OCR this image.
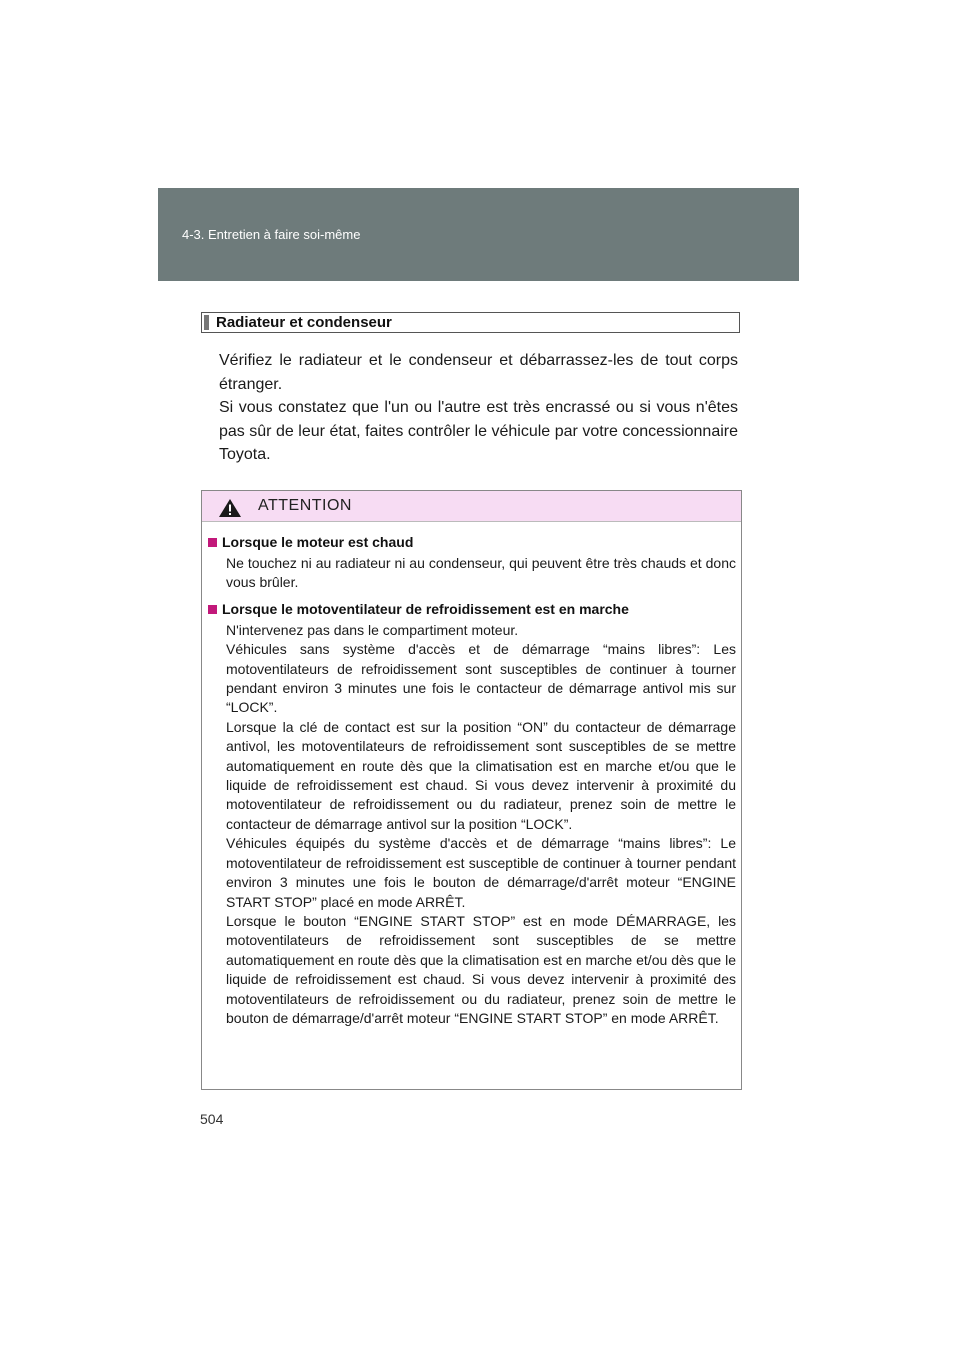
4-3. Entretien à faire soi-même
Radiateur et condenseur

Vérifiez le radiateur et le condenseur et débarrassez-les de tout corps étranger.

Si vous constatez que l'un ou l'autre est très encrassé ou si vous n'êtes pas sûr de leur état, faites contrôler le véhicule par votre concessionnaire Toyota.

ATTENTION
Lorsque le moteur est chaud

Ne touchez ni au radiateur ni au condenseur, qui peuvent être très chauds et donc vous brûler.

Lorsque le motoventilateur de refroidissement est en marche

N'intervenez pas dans le compartiment moteur.

Véhicules sans système d'accès et de démarrage “mains libres”: Les motoventilateurs de refroidissement sont susceptibles de continuer à tourner pendant environ 3 minutes une fois le contacteur de démarrage antivol mis sur “LOCK”.

Lorsque la clé de contact est sur la position “ON” du contacteur de démarrage antivol, les motoventilateurs de refroidissement sont susceptibles de se mettre automatiquement en route dès que la climatisation est en marche et/ou que le liquide de refroidissement est chaud. Si vous devez intervenir à proximité du motoventilateur de refroidissement ou du radiateur, prenez soin de mettre le contacteur de démarrage antivol sur la position “LOCK”.

Véhicules équipés du système d'accès et de démarrage “mains libres”: Le motoventilateur de refroidissement est susceptible de continuer à tourner pendant environ 3 minutes une fois le bouton de démarrage/d'arrêt moteur “ENGINE START STOP” placé en mode ARRÊT.

Lorsque le bouton “ENGINE START STOP” est en mode DÉMARRAGE, les motoventilateurs de refroidissement sont susceptibles de se mettre automatiquement en route dès que la climatisation est en marche et/ou dès que le liquide de refroidissement est chaud. Si vous devez intervenir à proximité des motoventilateurs de refroidissement ou du radiateur, prenez soin de mettre le bouton de démarrage/d'arrêt moteur “ENGINE START STOP” en mode ARRÊT.

504
